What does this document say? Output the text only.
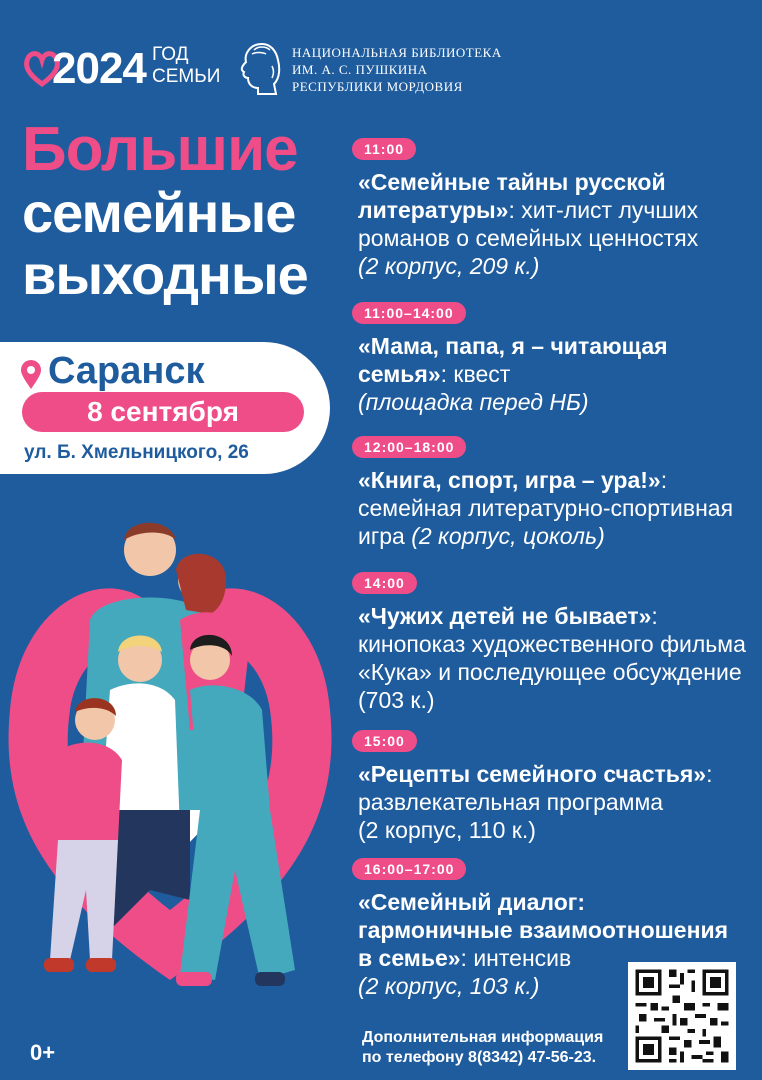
2024 ГОД
СЕМЬИ
НАЦИОНАЛЬНАЯ БИБЛИОТЕКА
ИМ. А. С. ПУШКИНА
РЕСПУБЛИКИ МОРДОВИЯ
Большие
семейные
выходные
Саранск
8 сентября
ул. Б. Хмельницкого, 26
11:00
«Семейные тайны русской литературы»: хит-лист лучших романов о семейных ценностях
(2 корпус, 209 к.)
11:00–14:00
«Мама, папа, я – читающая семья»: квест
(площадка перед НБ)
12:00–18:00
«Книга, спорт, игра – ура!»: семейная литературно-спортивная игра (2 корпус, цоколь)
14:00
«Чужих детей не бывает»: кинопоказ художественного фильма «Кука» и последующее обсуждение (703 к.)
15:00
«Рецепты семейного счастья»: развлекательная программа
(2 корпус, 110 к.)
16:00–17:00
«Семейный диалог: гармоничные взаимоотношения в семье»: интенсив
(2 корпус, 103 к.)
0+
Дополнительная информация
по телефону 8(8342) 47-56-23.
